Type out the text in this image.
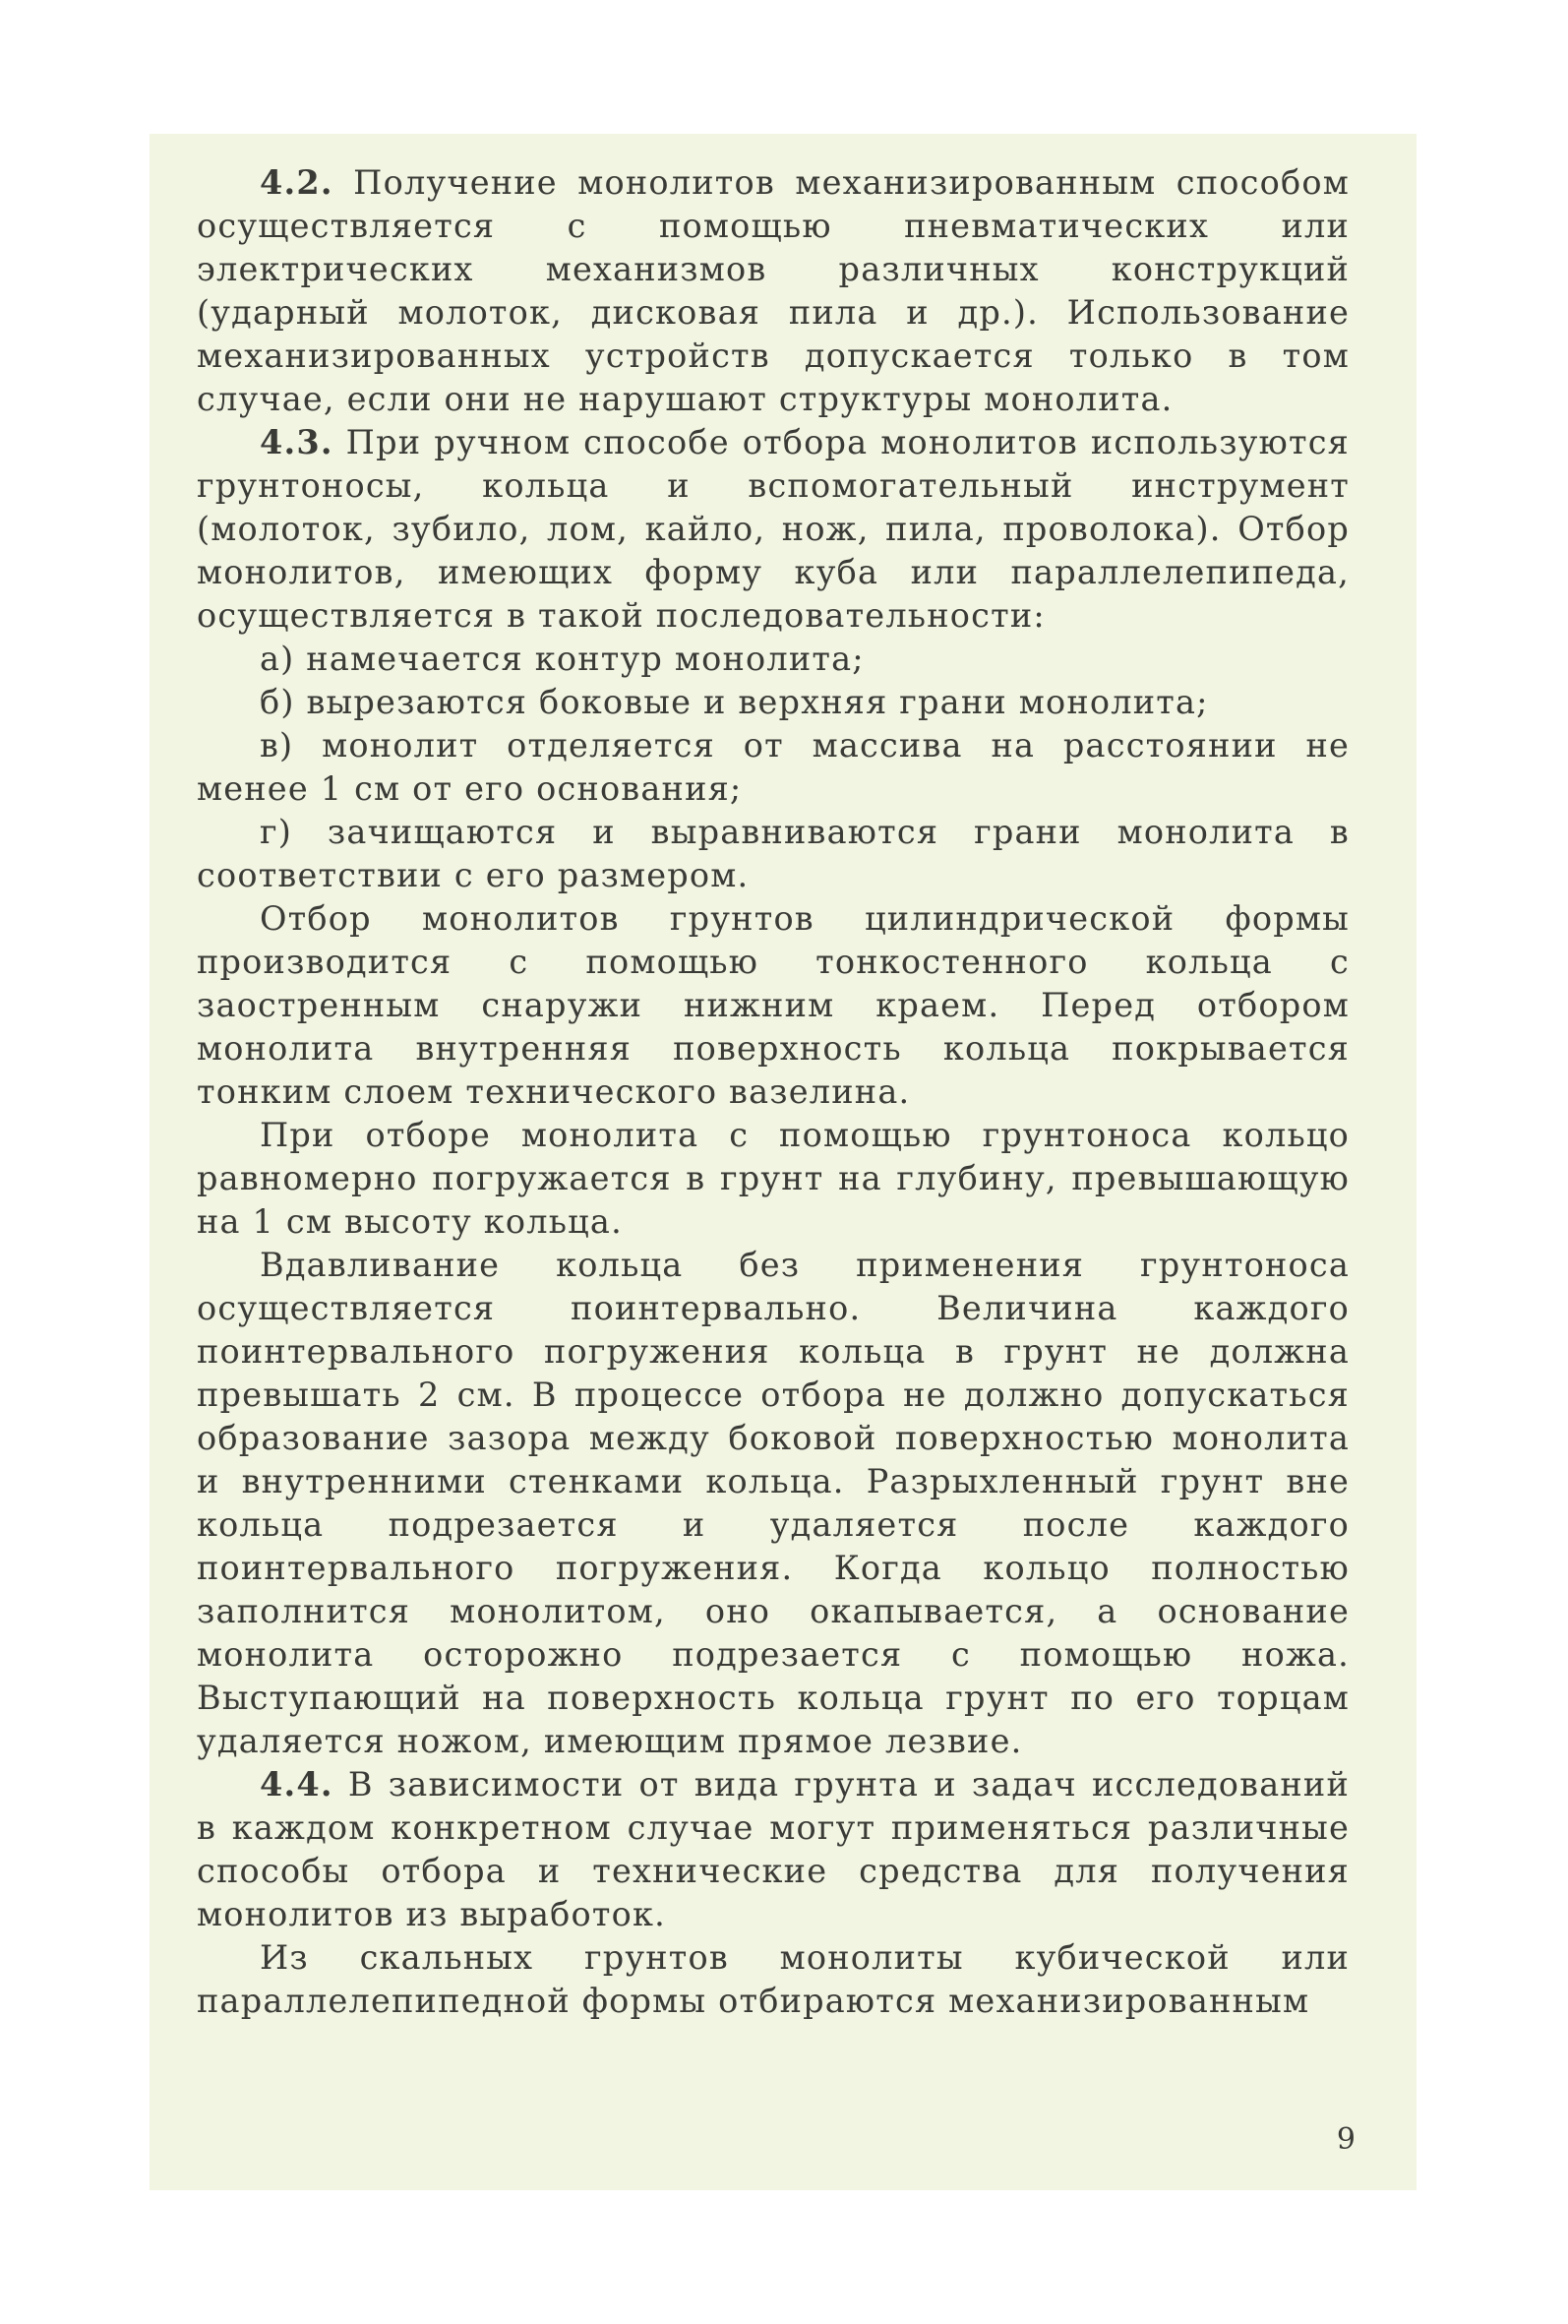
4.2. Получение монолитов механизированным способом осуществляется с помощью пневматических или электрических механизмов различных конструкций (ударный молоток, дисковая пила и др.). Использование механизированных устройств допускается только в том случае, если они не нарушают структуры монолита.

4.3. При ручном способе отбора монолитов используются грунтоносы, кольца и вспомогательный инструмент (молоток, зубило, лом, кайло, нож, пила, проволока). Отбор монолитов, имеющих форму куба или параллелепипеда, осуществляется в такой последовательности:

а) намечается контур монолита;

б) вырезаются боковые и верхняя грани монолита;

в) монолит отделяется от массива на расстоянии не менее 1 см от его основания;

г) зачищаются и выравниваются грани монолита в соответствии с его размером.

Отбор монолитов грунтов цилиндрической формы производится с помощью тонкостенного кольца с заостренным снаружи нижним краем. Перед отбором монолита внутренняя поверхность кольца покрывается тонким слоем технического вазелина.

При отборе монолита с помощью грунтоноса кольцо равномерно погружается в грунт на глубину, превышающую на 1 см высоту кольца.

Вдавливание кольца без применения грунтоноса осуществляется поинтервально. Величина каждого поинтервального погружения кольца в грунт не должна превышать 2 см. В процессе отбора не должно допускаться образование зазора между боковой поверхностью монолита и внутренними стенками кольца. Разрыхленный грунт вне кольца подрезается и удаляется после каждого поинтервального погружения. Когда кольцо полностью заполнится монолитом, оно окапывается, а основание монолита осторожно подрезается с помощью ножа. Выступающий на поверхность кольца грунт по его торцам удаляется ножом, имеющим прямое лезвие.

4.4. В зависимости от вида грунта и задач исследований в каждом конкретном случае могут применяться различные способы отбора и технические средства для получения монолитов из выработок.

Из скальных грунтов монолиты кубической или параллелепипедной формы отбираются механизированным

9
